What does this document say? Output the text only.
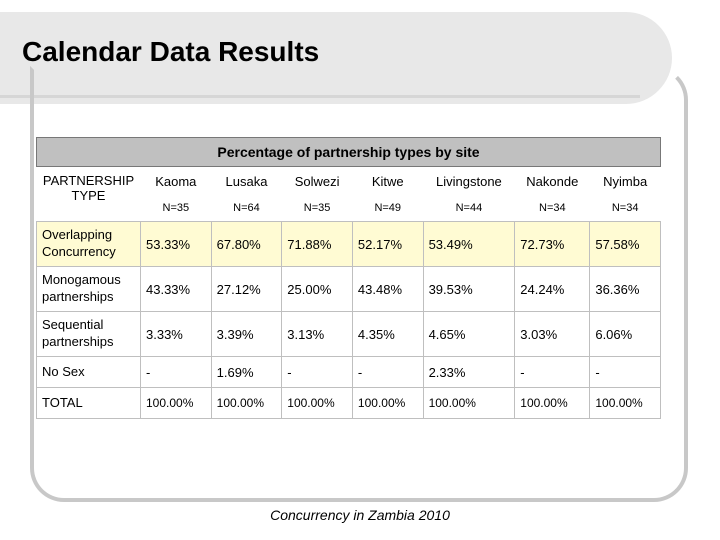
Calendar Data Results
Percentage of partnership types by site							
PARTNERSHIP TYPE	Kaoma	Lusaka	Solwezi	Kitwe	Livingstone	Nakonde	Nyimba
	N=35	N=64	N=35	N=49	N=44	N=34	N=34
Overlapping Concurrency	53.33%	67.80%	71.88%	52.17%	53.49%	72.73%	57.58%
Monogamous partnerships	43.33%	27.12%	25.00%	43.48%	39.53%	24.24%	36.36%
Sequential partnerships	3.33%	3.39%	3.13%	4.35%	4.65%	3.03%	6.06%
No Sex	-	1.69%	-	-	2.33%	-	-
TOTAL	100.00%	100.00%	100.00%	100.00%	100.00%	100.00%	100.00%
Concurrency in Zambia 2010
